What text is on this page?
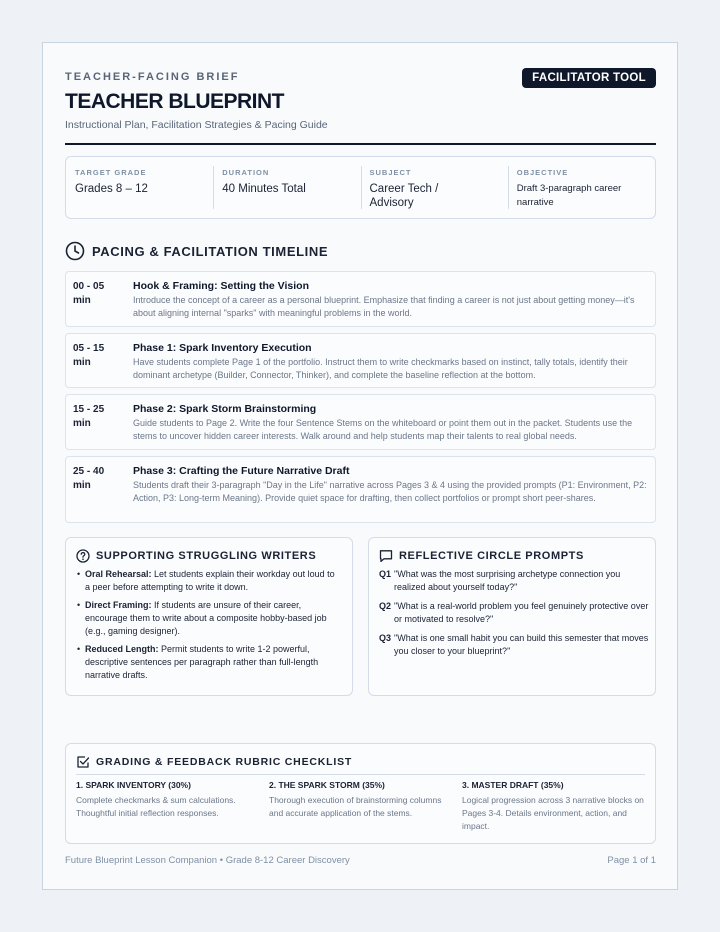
TEACHER-FACING BRIEF	FACILITATOR TOOL
TEACHER BLUEPRINT
Instructional Plan, Facilitation Strategies & Pacing Guide
TARGET GRADE
Grades 8 – 12
DURATION
40 Minutes Total
SUBJECT
Career Tech / Advisory
OBJECTIVE
Draft 3-paragraph career narrative
PACING & FACILITATION TIMELINE
00 - 05 min
Hook & Framing: Setting the Vision
Introduce the concept of a career as a personal blueprint. Emphasize that finding a career is not just about getting money—it's about aligning internal "sparks" with meaningful problems in the world.
05 - 15 min
Phase 1: Spark Inventory Execution
Have students complete Page 1 of the portfolio. Instruct them to write checkmarks based on instinct, tally totals, identify their dominant archetype (Builder, Connector, Thinker), and complete the baseline reflection at the bottom.
15 - 25 min
Phase 2: Spark Storm Brainstorming
Guide students to Page 2. Write the four Sentence Stems on the whiteboard or point them out in the packet. Students use the stems to uncover hidden career interests. Walk around and help students map their talents to real global needs.
25 - 40 min
Phase 3: Crafting the Future Narrative Draft
Students draft their 3-paragraph "Day in the Life" narrative across Pages 3 & 4 using the provided prompts (P1: Environment, P2: Action, P3: Long-term Meaning). Provide quiet space for drafting, then collect portfolios or prompt short peer-shares.
SUPPORTING STRUGGLING WRITERS
• Oral Rehearsal: Let students explain their workday out loud to a peer before attempting to write it down.
• Direct Framing: If students are unsure of their career, encourage them to write about a composite hobby-based job (e.g., gaming designer).
• Reduced Length: Permit students to write 1-2 powerful, descriptive sentences per paragraph rather than full-length narrative drafts.
REFLECTIVE CIRCLE PROMPTS
Q1 "What was the most surprising archetype connection you realized about yourself today?"
Q2 "What is a real-world problem you feel genuinely protective over or motivated to resolve?"
Q3 "What is one small habit you can build this semester that moves you closer to your blueprint?"
GRADING & FEEDBACK RUBRIC CHECKLIST
1. SPARK INVENTORY (30%)
Complete checkmarks & sum calculations. Thoughtful initial reflection responses.
2. THE SPARK STORM (35%)
Thorough execution of brainstorming columns and accurate application of the stems.
3. MASTER DRAFT (35%)
Logical progression across 3 narrative blocks on Pages 3-4. Details environment, action, and impact.
Future Blueprint Lesson Companion • Grade 8-12 Career Discovery	Page 1 of 1
